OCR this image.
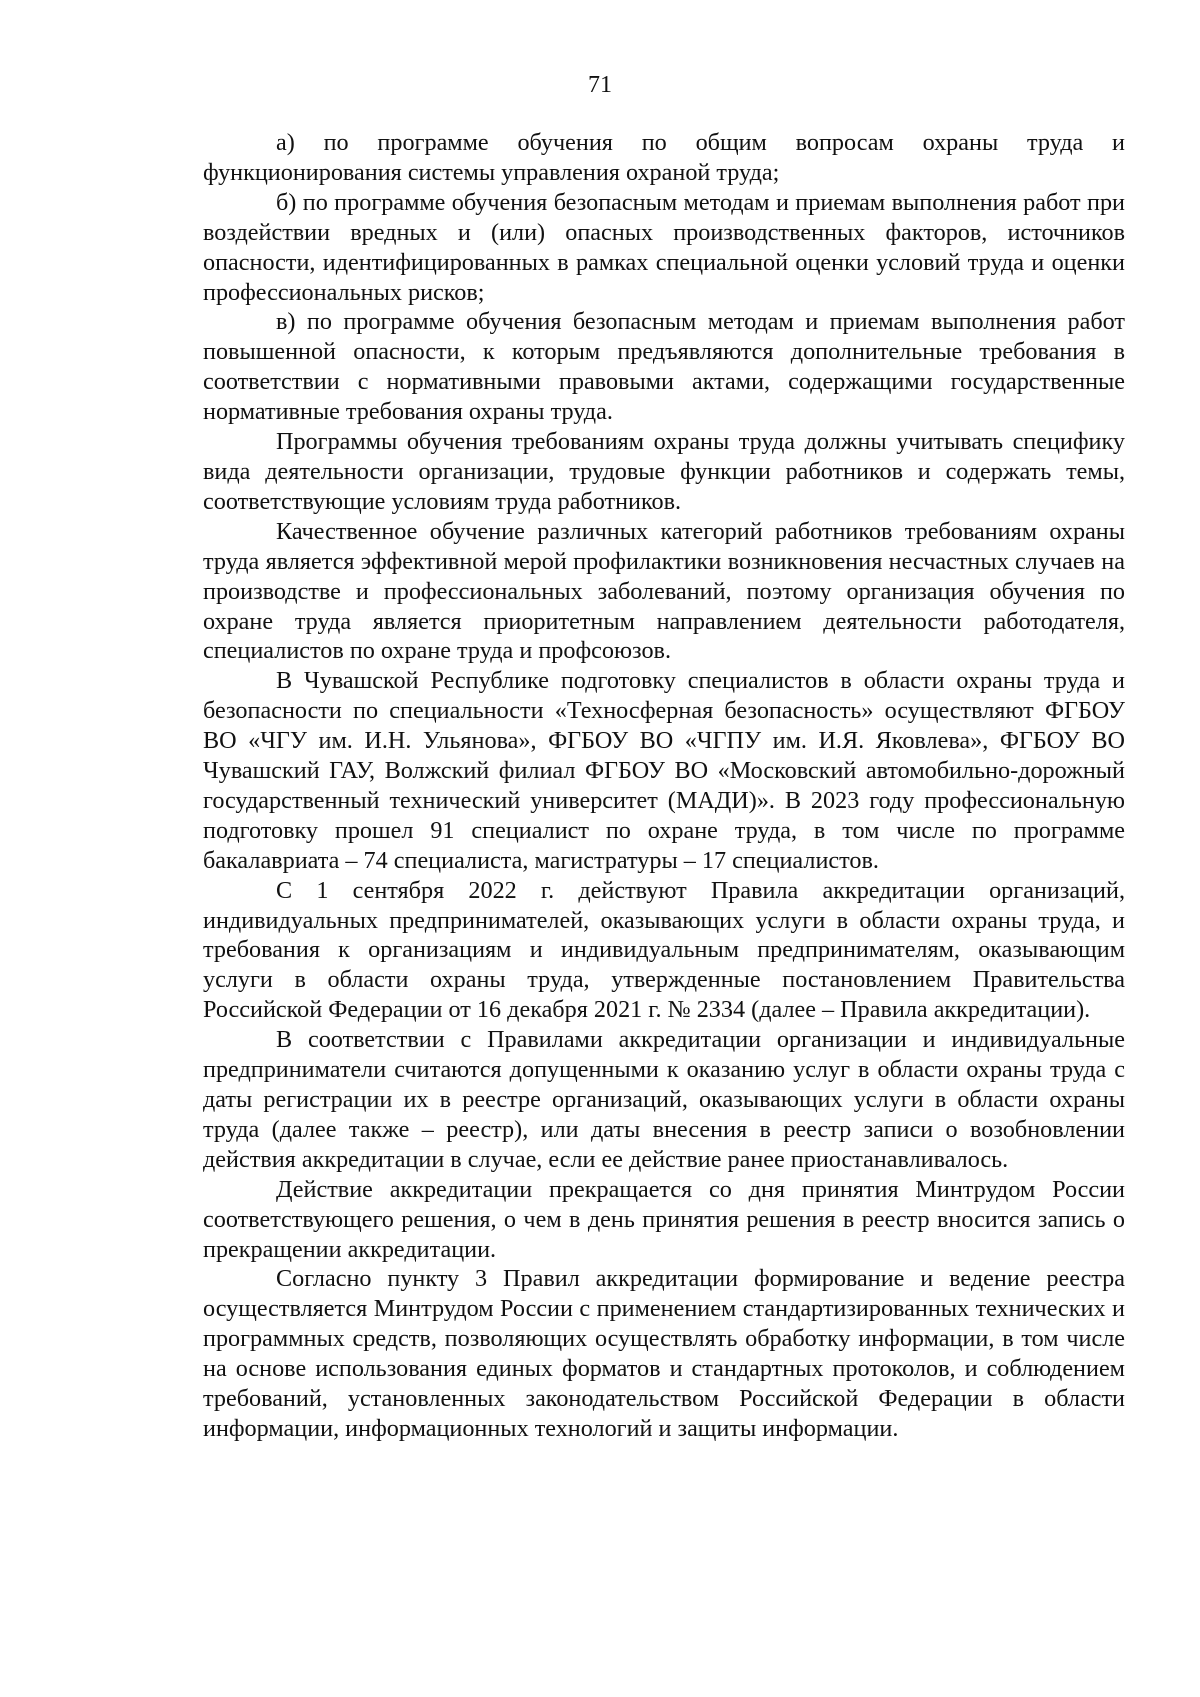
71

а) по программе обучения по общим вопросам охраны труда и функционирования системы управления охраной труда;

б) по программе обучения безопасным методам и приемам выполнения работ при воздействии вредных и (или) опасных производственных факторов, источников опасности, идентифицированных в рамках специальной оценки условий труда и оценки профессиональных рисков;

в) по программе обучения безопасным методам и приемам выполнения работ повышенной опасности, к которым предъявляются дополнительные требования в соответствии с нормативными правовыми актами, содержащими государственные нормативные требования охраны труда.

Программы обучения требованиям охраны труда должны учитывать специфику вида деятельности организации, трудовые функции работников и содержать темы, соответствующие условиям труда работников.

Качественное обучение различных категорий работников требованиям охраны труда является эффективной мерой профилактики возникновения несчастных случаев на производстве и профессиональных заболеваний, поэтому организация обучения по охране труда является приоритетным направлением деятельности работодателя, специалистов по охране труда и профсоюзов.

В Чувашской Республике подготовку специалистов в области охраны труда и безопасности по специальности «Техносферная безопасность» осуществляют ФГБОУ ВО «ЧГУ им. И.Н. Ульянова», ФГБОУ ВО «ЧГПУ им. И.Я. Яковлева», ФГБОУ ВО Чувашский ГАУ, Волжский филиал ФГБОУ ВО «Московский автомобильно-дорожный государственный технический университет (МАДИ)». В 2023 году профессиональную подготовку прошел 91 специалист по охране труда, в том числе по программе бакалавриата – 74 специалиста, магистратуры – 17 специалистов.

С 1 сентября 2022 г. действуют Правила аккредитации организаций, индивидуальных предпринимателей, оказывающих услуги в области охраны труда, и требования к организациям и индивидуальным предпринимателям, оказывающим услуги в области охраны труда, утвержденные постановлением Правительства Российской Федерации от 16 декабря 2021 г. № 2334 (далее – Правила аккредитации).

В соответствии с Правилами аккредитации организации и индивидуальные предприниматели считаются допущенными к оказанию услуг в области охраны труда с даты регистрации их в реестре организаций, оказывающих услуги в области охраны труда (далее также – реестр), или даты внесения в реестр записи о возобновлении действия аккредитации в случае, если ее действие ранее приостанавливалось.

Действие аккредитации прекращается со дня принятия Минтрудом России соответствующего решения, о чем в день принятия решения в реестр вносится запись о прекращении аккредитации.

Согласно пункту 3 Правил аккредитации формирование и ведение реестра осуществляется Минтрудом России с применением стандартизированных технических и программных средств, позволяющих осуществлять обработку информации, в том числе на основе использования единых форматов и стандартных протоколов, и соблюдением требований, установленных законодательством Российской Федерации в области информации, информационных технологий и защиты информации.
